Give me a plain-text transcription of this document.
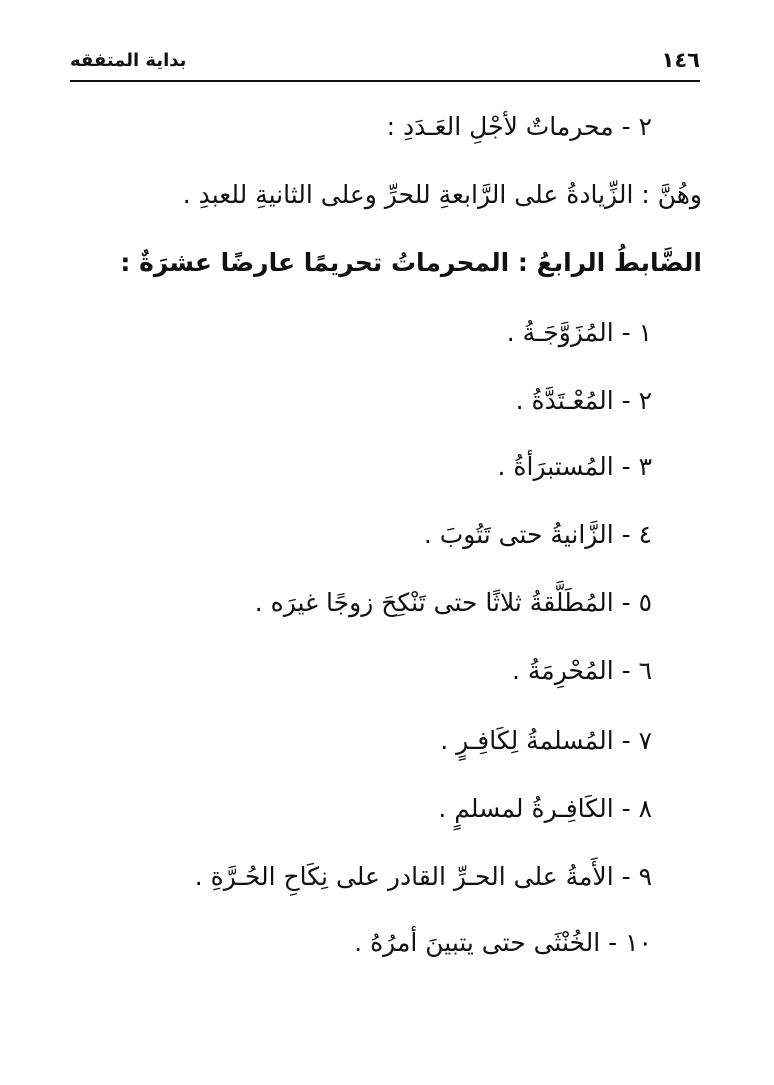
١٤٦
بداية المتفقه
٢ - محرماتٌ لأجْلِ العَـدَدِ :
وهُنَّ : الزِّيادةُ على الرَّابعةِ للحرِّ وعلى الثانيةِ للعبدِ .
الضَّابطُ الرابعُ : المحرماتُ تحريمًا عارضًا عشرَةٌ :
١ - المُزَوَّجَـةُ .
٢ - المُعْـتَدَّةُ .
٣ - المُستبرَأةُ .
٤ - الزَّانيةُ حتى تَتُوبَ .
٥ - المُطَلَّقةُ ثلاثًا حتى تَنْكِحَ زوجًا غيرَه .
٦ - المُحْرِمَةُ .
٧ - المُسلمةُ لِكَافِـرٍ .
٨ - الكَافِـرةُ لمسلمٍ .
٩ - الأَمةُ على الحـرِّ القادر على نِكَاحِ الحُـرَّةِ .
١٠ - الخُنْثَى حتى يتبينَ أمرُهُ .
